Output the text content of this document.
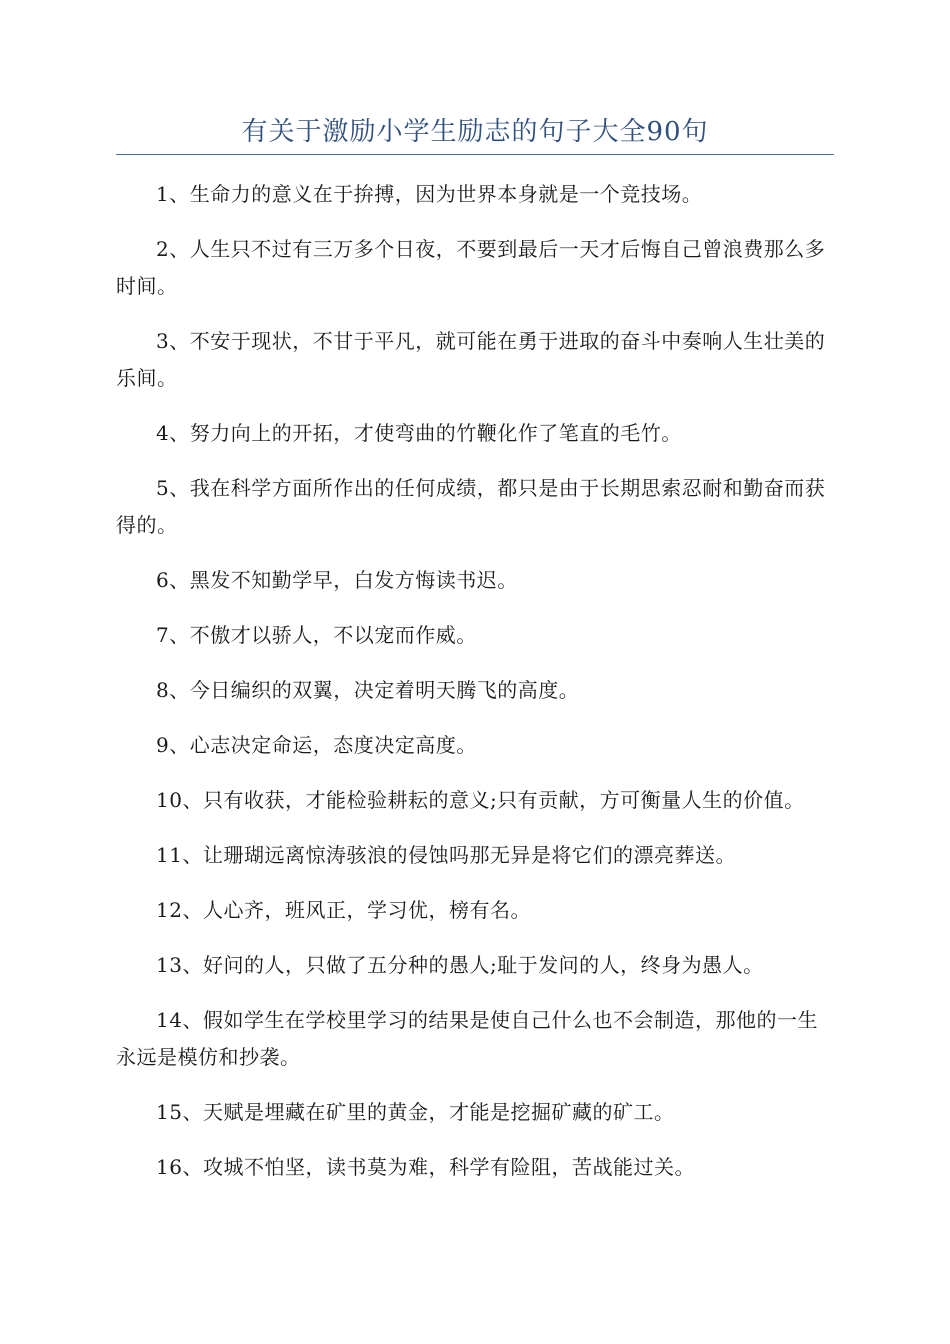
有关于激励小学生励志的句子大全90句

1、生命力的意义在于拚搏，因为世界本身就是一个竞技场。

2、人生只不过有三万多个日夜，不要到最后一天才后悔自己曾浪费那么多时间。

3、不安于现状，不甘于平凡，就可能在勇于进取的奋斗中奏响人生壮美的乐间。

4、努力向上的开拓，才使弯曲的竹鞭化作了笔直的毛竹。

5、我在科学方面所作出的任何成绩，都只是由于长期思索忍耐和勤奋而获得的。

6、黑发不知勤学早，白发方悔读书迟。

7、不傲才以骄人，不以宠而作威。

8、今日编织的双翼，决定着明天腾飞的高度。

9、心志决定命运，态度决定高度。

10、只有收获，才能检验耕耘的意义;只有贡献，方可衡量人生的价值。

11、让珊瑚远离惊涛骇浪的侵蚀吗那无异是将它们的漂亮葬送。

12、人心齐，班风正，学习优，榜有名。

13、好问的人，只做了五分种的愚人;耻于发问的人，终身为愚人。

14、假如学生在学校里学习的结果是使自己什么也不会制造，那他的一生永远是模仿和抄袭。

15、天赋是埋藏在矿里的黄金，才能是挖掘矿藏的矿工。

16、攻城不怕坚，读书莫为难，科学有险阻，苦战能过关。
